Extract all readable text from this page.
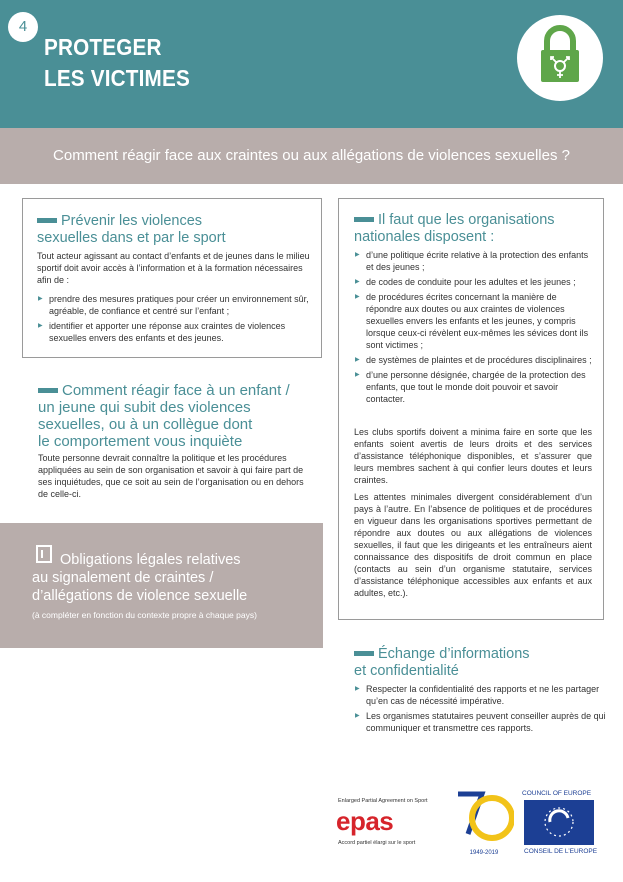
4
PROTEGER
LES VICTIMES
Comment réagir face aux craintes ou aux allégations de violences sexuelles ?
Prévenir les violences
sexuelles dans et par le sport
Tout acteur agissant au contact d’enfants et de jeunes dans le milieu sportif doit avoir accès à l’information et à la formation nécessaires afin de :
▶ prendre des mesures pratiques pour créer un environnement sûr, agréable, de confiance et centré sur l’enfant ;
▶ identifier et apporter une réponse aux craintes de violences sexuelles envers des enfants et des jeunes.
Comment réagir face à un enfant /
un jeune qui subit des violences
sexuelles, ou à un collègue dont
le comportement vous inquiète
Toute personne devrait connaître la politique et les procédures appliquées au sein de son organisation et savoir à qui faire part de ses inquiétudes, que ce soit au sein de l’organisation ou en dehors de celle-ci.
Obligations légales relatives
au signalement de craintes /
d’allégations de violence sexuelle
(à compléter en fonction du contexte propre à chaque pays)
Il faut que les organisations
nationales disposent :
▶ d’une politique écrite relative à la protection des enfants et des jeunes ;
▶ de codes de conduite pour les adultes et les jeunes ;
▶ de procédures écrites concernant la manière de répondre aux doutes ou aux craintes de violences sexuelles envers les enfants et les jeunes, y compris lorsque ceux-ci révèlent eux-mêmes les sévices dont ils sont victimes ;
▶ de systèmes de plaintes et de procédures disciplinaires ;
▶ d’une personne désignée, chargée de la protection des enfants, que tout le monde doit pouvoir et savoir contacter.
Les clubs sportifs doivent a minima faire en sorte que les enfants soient avertis de leurs droits et des services d’assistance téléphonique disponibles, et s’assurer que leurs membres sachent à qui confier leurs doutes et leurs craintes.
Les attentes minimales divergent considérablement d’un pays à l’autre. En l’absence de politiques et de procédures en vigueur dans les organisations sportives permettant de répondre aux doutes ou aux allégations de violences sexuelles, il faut que les dirigeants et les entraîneurs aient connaissance des dispositifs de droit commun en place (contacts au sein d’un organisme statutaire, services d’assistance téléphonique accessibles aux enfants et aux adultes, etc.).
Échange d’informations
et confidentialité
▶ Respecter la confidentialité des rapports et ne les partager qu’en cas de nécessité impérative.
▶ Les organismes statutaires peuvent conseiller auprès de qui communiquer et transmettre ces rapports.
Enlarged Partial Agreement on Sport
epas
Accord partiel élargi sur le sport
1949-2019
COUNCIL OF EUROPE
CONSEIL DE L’EUROPE
